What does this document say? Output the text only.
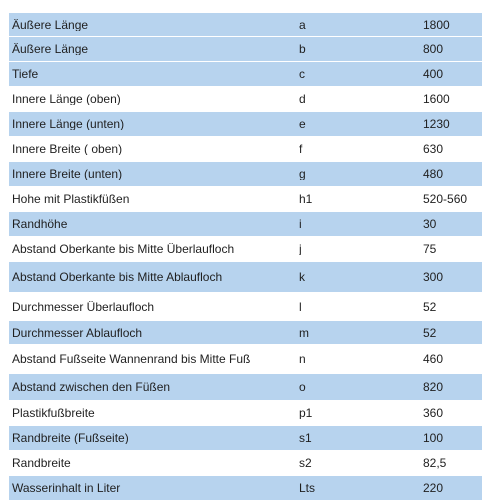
Äußere Länge	a	1800
Äußere Länge	b	800
Tiefe	c	400
Innere Länge (oben)	d	1600
Innere Länge (unten)	e	1230
Innere Breite ( oben)	f	630
Innere Breite (unten)	g	480
Hohe mit Plastikfüßen	h1	520-560
Randhöhe	i	30
Abstand Oberkante bis Mitte Überlaufloch	j	75
Abstand Oberkante bis Mitte Ablaufloch	k	300
Durchmesser Überlaufloch	l	52
Durchmesser Ablaufloch	m	52
Abstand Fußseite Wannenrand bis Mitte Fuß	n	460
Abstand zwischen den Füßen	o	820
Plastikfußbreite	p1	360
Randbreite (Fußseite)	s1	100
Randbreite	s2	82,5
Wasserinhalt in Liter	Lts	220
